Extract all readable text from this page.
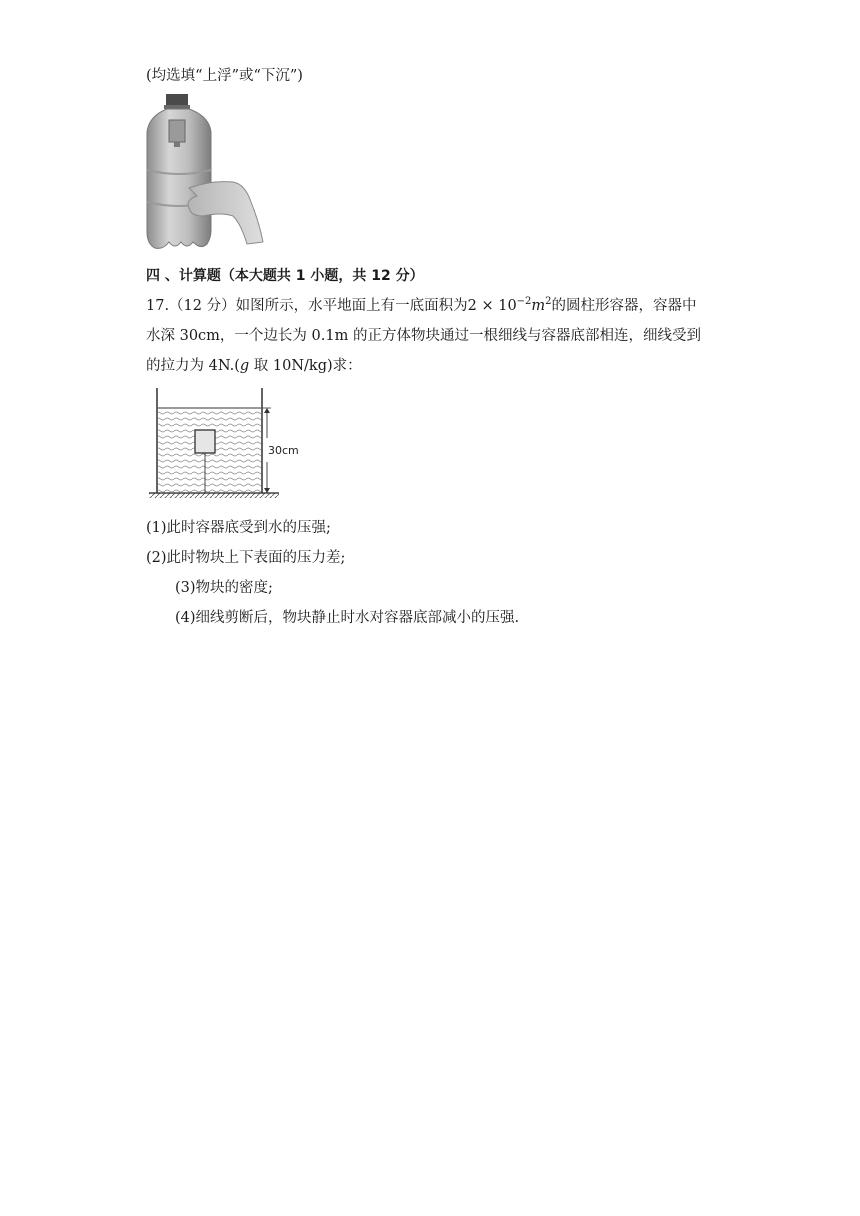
(均选填“上浮”或“下沉”)
四 、计算题（本大题共 1 小题，共 12 分）
17.（12 分）如图所示，水平地面上有一底面积为$2 \times 10^{-2}m^2$的圆柱形容器，容器中
水深 30cm，一个边长为 0.1m 的正方体物块通过一根细线与容器底部相连，细线受到
的拉力为 4N.(g 取 10N/kg)求：
30cm
(1)此时容器底受到水的压强;
(2)此时物块上下表面的压力差;
(3)物块的密度;
(4)细线剪断后，物块静止时水对容器底部减小的压强.
